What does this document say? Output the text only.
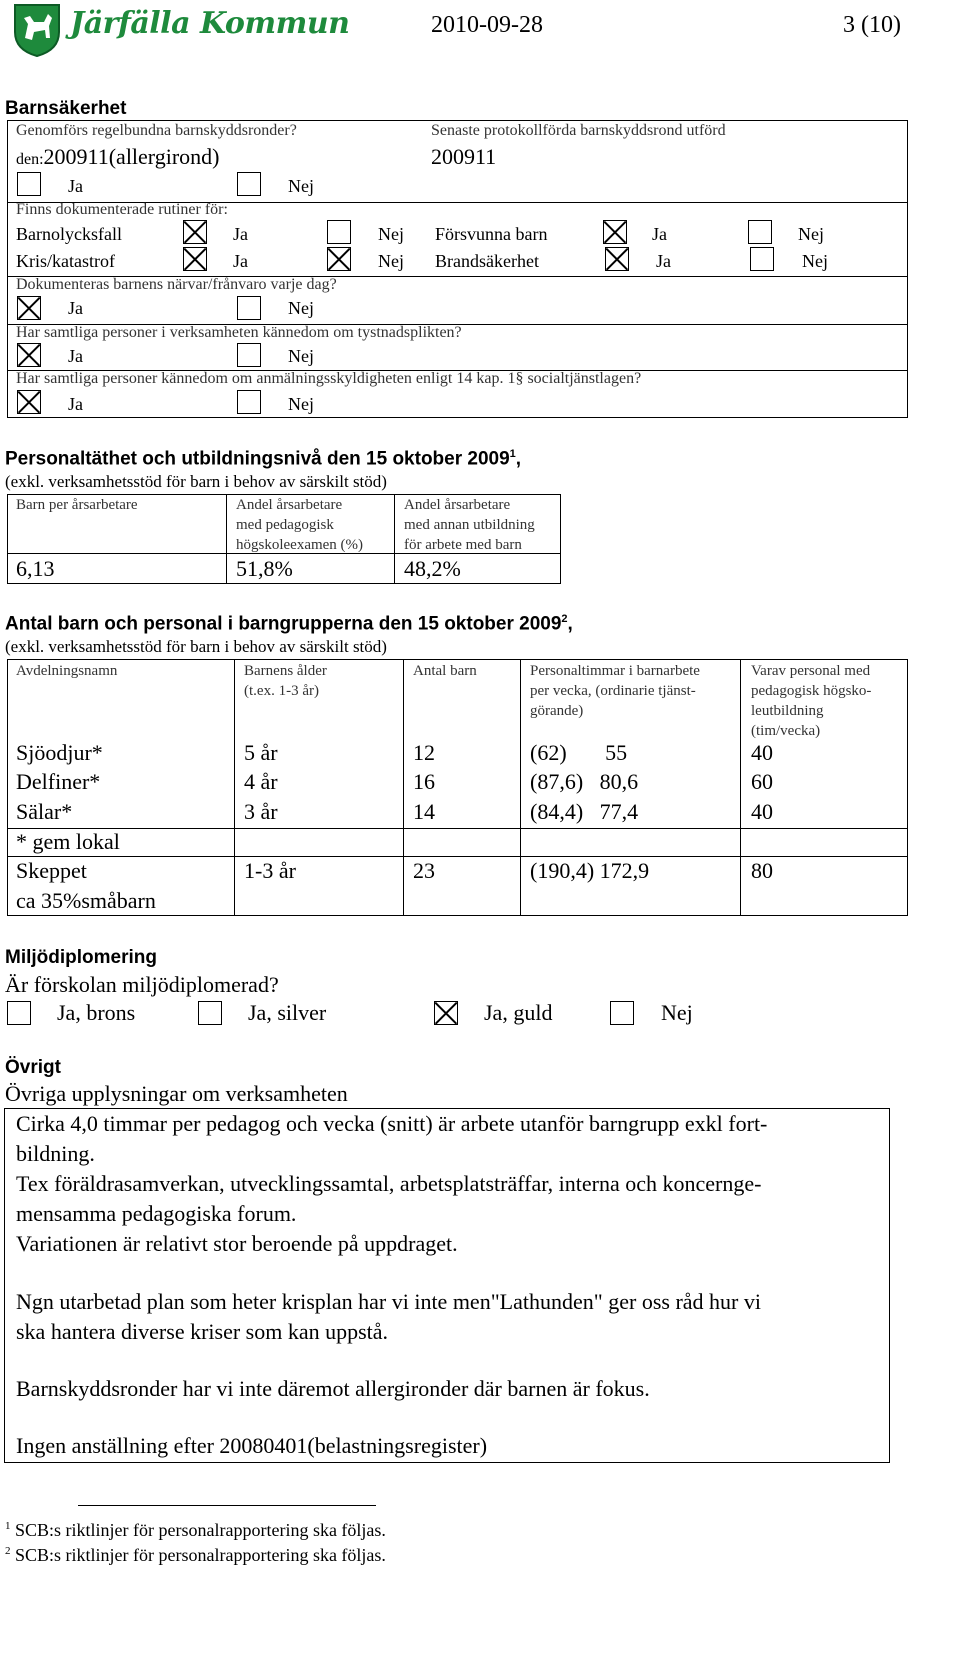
Järfälla Kommun	2010-09-28	3 (10)
Barnsäkerhet
Genomförs regelbundna barnskyddsronder?	Senaste protokollförda barnskyddsrond utförd
den:200911(allergirond)	200911
Ja	Nej
Finns dokumenterade rutiner för:
Barnolycksfall	Ja	Nej Försvunna barn	Ja	Nej
Kris/katastrof	Ja	Nej Brandsäkerhet	Ja	Nej
Dokumenteras barnens närvar/frånvaro varje dag?
Ja	Nej
Har samtliga personer i verksamheten kännedom om tystnadsplikten?
Ja	Nej
Har samtliga personer kännedom om anmälningsskyldigheten enligt 14 kap. 1§ socialtjänstlagen?
Ja	Nej
Personaltäthet och utbildningsnivå den 15 oktober 2009$^1$,
(exkl. verksamhetsstöd för barn i behov av särskilt stöd)
Barn per årsarbetare	Andel årsarbetare
med pedagogisk
högskoleexamen (%)
Andel årsarbetare
med annan utbildning
för arbete med barn
6,13	51,8%	48,2%
Antal barn och personal i barngrupperna den 15 oktober 2009$^2$,
(exkl. verksamhetsstöd för barn i behov av särskilt stöd)
Avdelningsnamn	Barnens ålder
(t.ex. 1-3 år)
Antal barn	Personaltimmar i barnarbete
per vecka, (ordinarie tjänst-
görande)
Varav personal med
pedagogisk högsko-
leutbildning
(tim/vecka)
Sjöodjur*	5 år	12	(62)       55	40
Delfiner*	4 år	16	(87,6)   80,6	60
Sälar*	3 år	14	(84,4)   77,4	40
* gem lokal
Skeppet	1-3 år	23	(190,4) 172,9	80
ca 35%småbarn
Miljödiplomering
Är förskolan miljödiplomerad?
Ja, brons	Ja, silver	Ja, guld	Nej
Övrigt
Övriga upplysningar om verksamheten
Cirka 4,0 timmar per pedagog och vecka (snitt) är arbete utanför barngrupp exkl fort-
bildning.
Tex föräldrasamverkan, utvecklingssamtal, arbetsplatsträffar, interna och koncernge-
mensamma pedagogiska forum.
Variationen är relativt stor beroende på uppdraget.
Ngn utarbetad plan som heter krisplan har vi inte men"Lathunden" ger oss råd hur vi
ska hantera diverse kriser som kan uppstå.
Barnskyddsronder har vi inte däremot allergironder där barnen är fokus.
Ingen anställning efter 20080401(belastningsregister)
$^1$ SCB:s riktlinjer för personalrapportering ska följas.
$^2$ SCB:s riktlinjer för personalrapportering ska följas.
